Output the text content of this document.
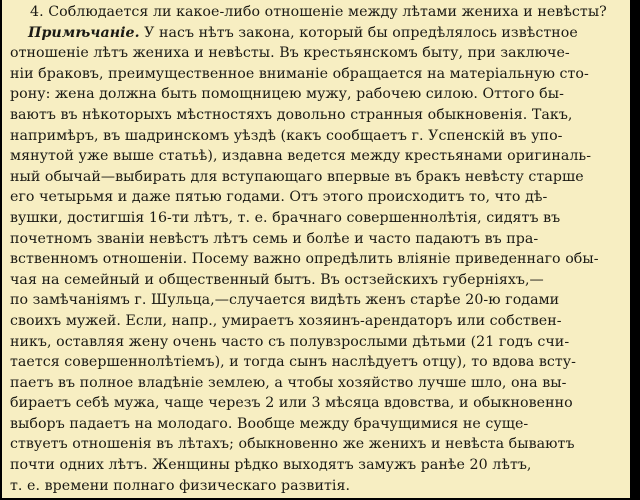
4. Соблюдается ли какое-либо отношеніе между лѣтами жениха и невѣсты?
Примѣчаніе. У насъ нѣтъ закона, который бы опредѣлялось извѣстное
отношеніе лѣтъ жениха и невѣсты. Въ крестьянскомъ быту, при заключе-
ніи браковъ, преимущественное вниманіе обращается на матеріальную сто-
рону: жена должна быть помощницею мужу, рабочею силою. Оттого бы-
ваютъ въ нѣкоторыхъ мѣстностяхъ довольно странныя обыкновенія. Такъ,
напримѣръ, въ шадринскомъ уѣздѣ (какъ сообщаетъ г. Успенскій въ упо-
мянутой уже выше статьѣ), издавна ведется между крестьянами оригиналь-
ный обычай—выбирать для вступающаго впервые въ бракъ невѣсту старше
его четырьмя и даже пятью годами. Отъ этого происходитъ то, что дѣ-
вушки, достигшія 16-ти лѣтъ, т. е. брачнаго совершеннолѣтія, сидятъ въ
почетномъ званіи невѣстъ лѣтъ семь и болѣе и часто падаютъ въ пра-
вственномъ отношеніи. Посему важно опредѣлить вліяніе приведеннаго обы-
чая на семейный и общественный бытъ. Въ остзейскихъ губерніяхъ,—
по замѣчаніямъ г. Шульца,—случается видѣть женъ старѣе 20-ю годами
своихъ мужей. Если, напр., умираетъ хозяинъ-арендаторъ или собствен-
никъ, оставляя жену очень часто съ полувзрослыми дѣтьми (21 годъ счи-
тается совершеннолѣтіемъ), и тогда сынъ наслѣдуетъ отцу), то вдова всту-
паетъ въ полное владѣніе землею, а чтобы хозяйство лучше шло, она вы-
бираетъ себѣ мужа, чаще черезъ 2 или 3 мѣсяца вдовства, и обыкновенно
выборъ падаетъ на молодаго. Вообще между брачущимися не суще-
ствуетъ отношенія въ лѣтахъ; обыкновенно же женихъ и невѣста бываютъ
почти одних лѣтъ. Женщины рѣдко выходятъ замужъ ранѣе 20 лѣтъ,
т. е. времени полнаго физическаго развитія.
